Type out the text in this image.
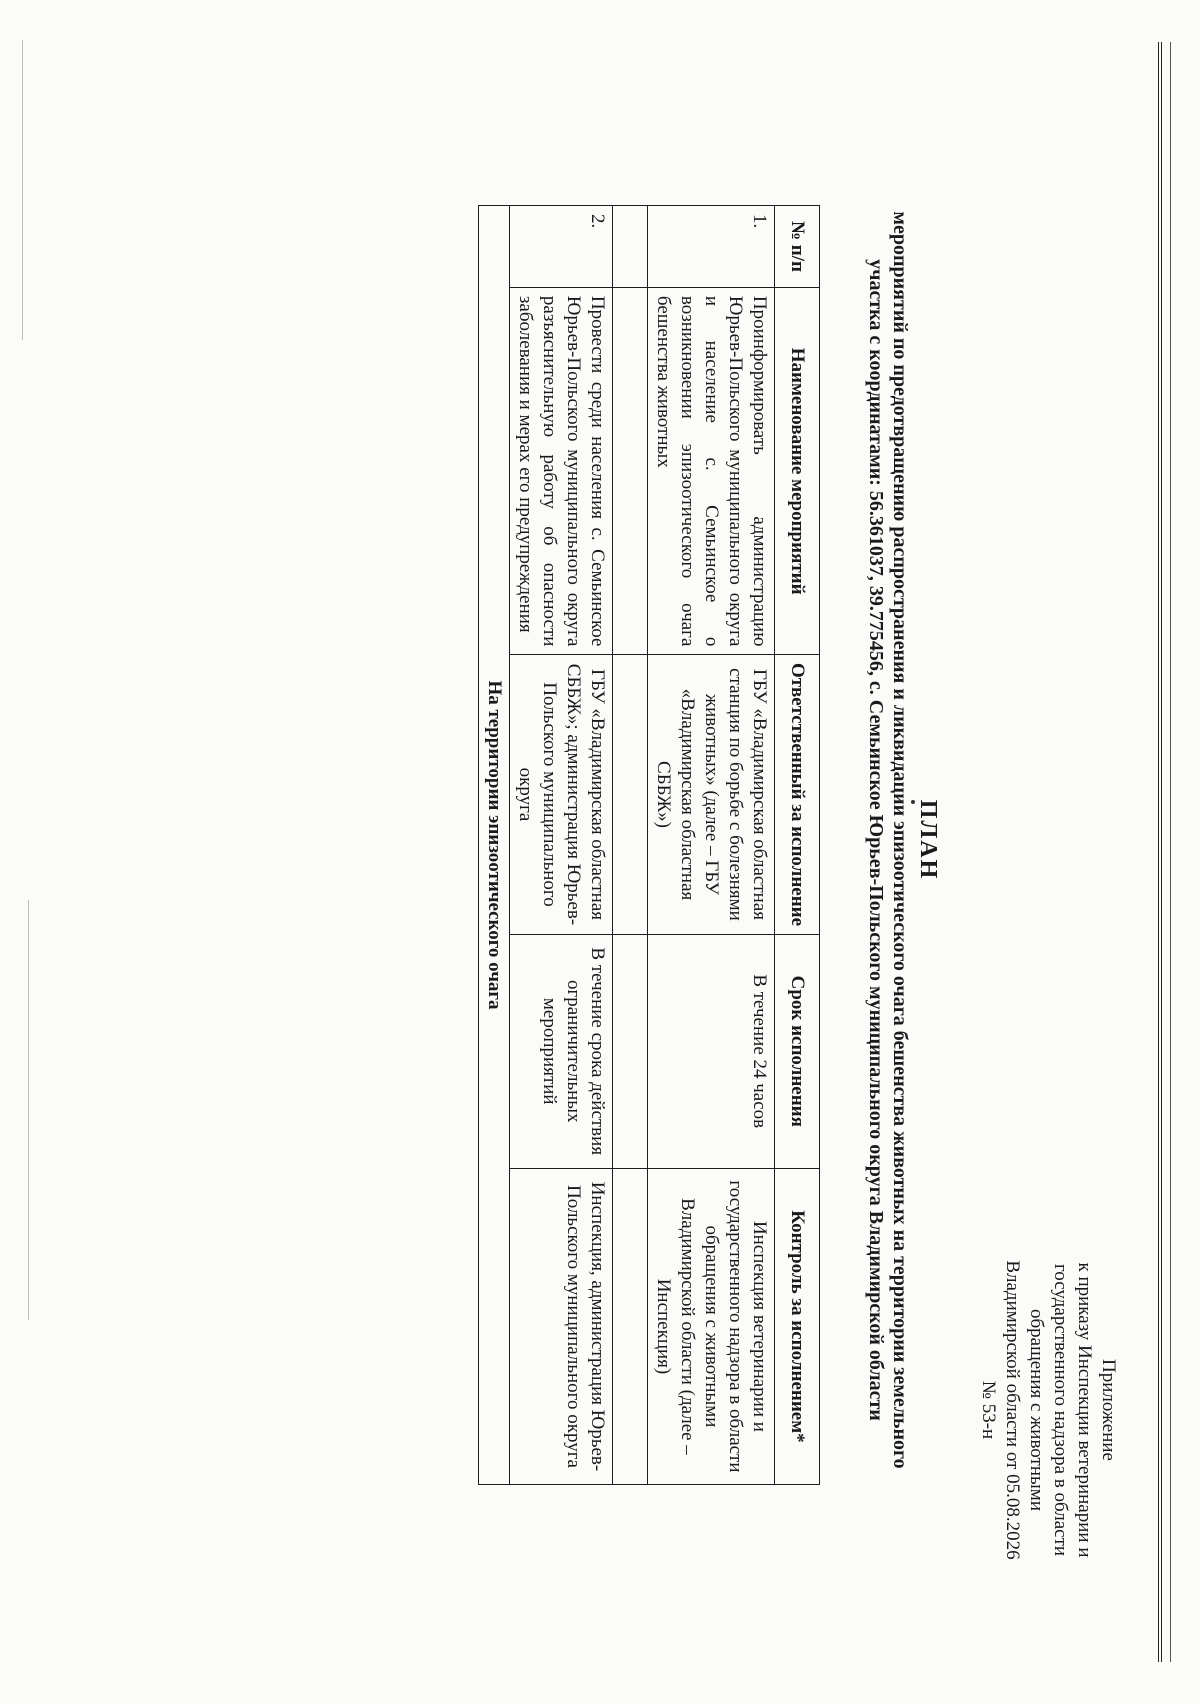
Приложение
к приказу Инспекции ветеринарии и государственного надзора в области обращения с животными Владимирской области от 05.08.2026 № 53-н
ПЛАН
мероприятий по предотвращению распространения и ликвидации эпизоотического очага бешенства животных на территории земельного участка с координатами: 56.361037, 39.775456, с. Семьинское Юрьев-Польского муниципального округа Владимирской области
№ п/п	Наименование мероприятий	Ответственный за исполнение	Срок исполнения	Контроль за исполнением*
1.	Проинформировать администрацию Юрьев-Польского муниципального округа и население с. Семьинское о возникновении эпизоотического очага бешенства животных	ГБУ «Владимирская областная станция по борьбе с болезнями животных» (далее – ГБУ «Владимирская областная СББЖ»)	В течение 24 часов	Инспекция ветеринарии и государственного надзора в области обращения с животными Владимирской области (далее – Инспекция)

2.	Провести среди населения с. Семьинское Юрьев-Польского муниципального округа разъяснительную работу об опасности заболевания и мерах его предупреждения	ГБУ «Владимирская областная СББЖ»; администрация Юрьев-Польского муниципального округа	В течение срока действия ограничительных мероприятий	Инспекция, администрация Юрьев-Польского муниципального округа
На территории эпизоотического очага				
